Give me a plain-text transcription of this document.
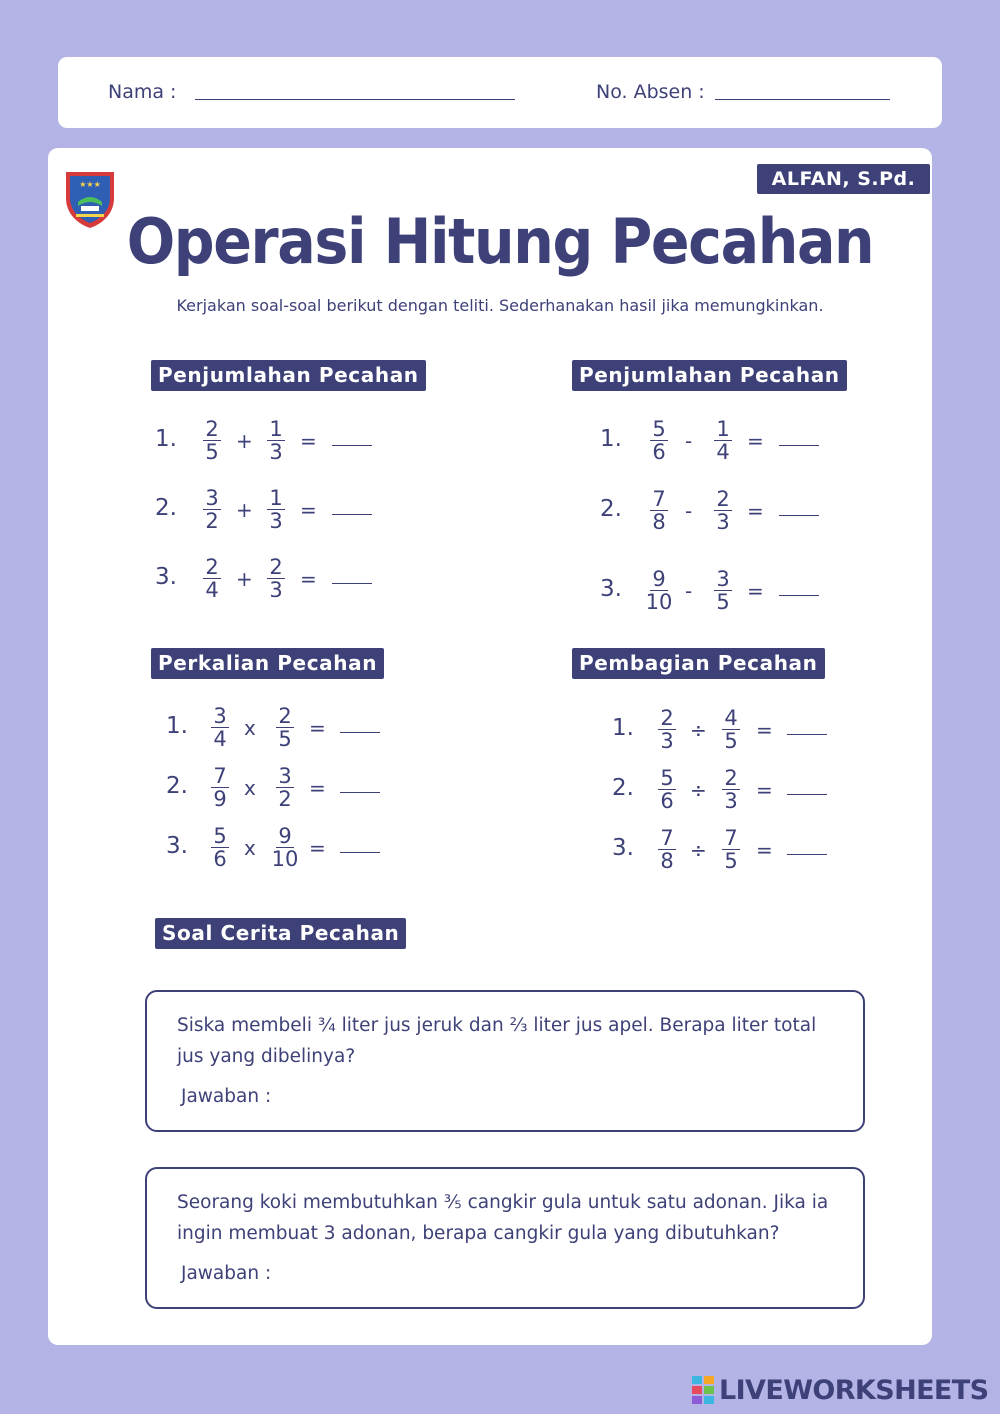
Nama :	No. Absen :
★★★	ALFAN, S.Pd.
Operasi Hitung Pecahan
Kerjakan soal-soal berikut dengan teliti. Sederhanakan hasil jika memungkinkan.
Penjumlahan Pecahan	Penjumlahan Pecahan
Perkalian Pecahan	Pembagian Pecahan
Soal Cerita Pecahan
1.	2
5 + 1
3 =
2.	3
2 + 1
3 =
3.	2
4 + 2
3 =
1.	5
6 -	1
4 =
2.	7
8 -	2
3 =
3.	9
10 -	3
5 =
1.	3
4 x	2
5 =
2.	7
9 x	3
2 =
3.	5
6 x	9
10 =
1.	2
3 ÷ 4
5 =
2.	5
6 ÷ 2
3 =
3.	7
8 ÷ 7
5 =
Siska membeli ¾ liter jus jeruk dan ⅔ liter jus apel. Berapa liter total jus yang dibelinya?
Jawaban :
Seorang koki membutuhkan ⅗ cangkir gula untuk satu adonan. Jika ia ingin membuat 3 adonan, berapa cangkir gula yang dibutuhkan?
Jawaban :
LIVEWORKSHEETS
